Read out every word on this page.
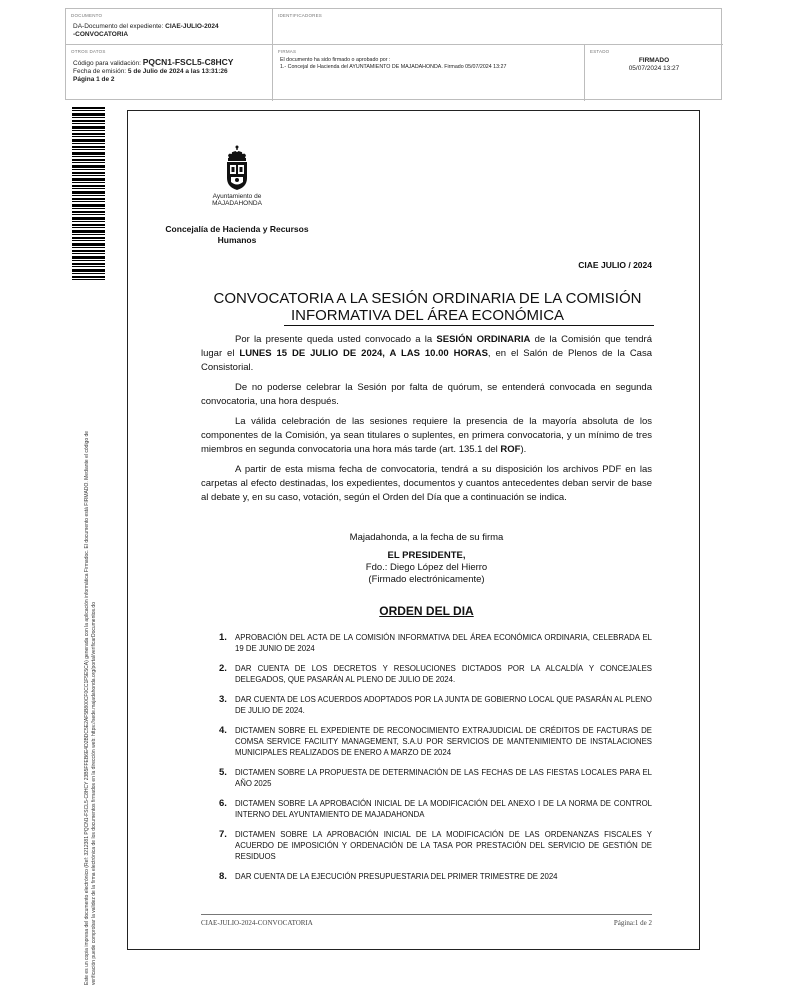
DOCUMENTO
DA-Documento del expediente: CIAE-JULIO-2024
-CONVOCATORIA
IDENTIFICADORES
OTROS DATOS
Código para validación: PQCN1-FSCL5-C8HCY
Fecha de emisión: 5 de Julio de 2024 a las 13:31:26
Página 1 de 2
FIRMAS
El documento ha sido firmado o aprobado por :
1.- Concejal de Hacienda del AYUNTAMIENTO DE MAJADAHONDA. Firmado 05/07/2024 13:27
ESTADO
FIRMADO
05/07/2024 13:27
Este es un copia impresa del documento electrónico (Ref: 3212381 PQCN1-FSCL5-C8HCY 23B5FFEB6E4D2BDC5E2AF5B800CF0CC1F5E5CA) generada con la aplicación informática Firmadoc. El documento está FIRMADO. Mediante el código de verificación puede comprobar la validez de la firma electrónica de los documentos firmados en la dirección web: https://sede.majadahonda.org/portal/verificarDocumentos.do
Ayuntamiento de
MAJADAHONDA
Concejalía de Hacienda y Recursos Humanos
CIAE JULIO / 2024
CONVOCATORIA A LA SESIÓN ORDINARIA DE LA COMISIÓN INFORMATIVA DEL ÁREA ECONÓMICA

Por la presente queda usted convocado a la SESIÓN ORDINARIA de la Comisión que tendrá lugar el LUNES 15 DE JULIO DE 2024, A LAS 10.00 HORAS, en el Salón de Plenos de la Casa Consistorial.

De no poderse celebrar la Sesión por falta de quórum, se entenderá convocada en segunda convocatoria, una hora después.

La válida celebración de las sesiones requiere la presencia de la mayoría absoluta de los componentes de la Comisión, ya sean titulares o suplentes, en primera convocatoria, y un mínimo de tres miembros en segunda convocatoria una hora más tarde (art. 135.1 del ROF).

A partir de esta misma fecha de convocatoria, tendrá a su disposición los archivos PDF en las carpetas al efecto destinadas, los expedientes, documentos y cuantos antecedentes deban servir de base al debate y, en su caso, votación, según el Orden del Día que a continuación se indica.

Majadahonda, a la fecha de su firma
EL PRESIDENTE,
Fdo.: Diego López del Hierro
(Firmado electrónicamente)
ORDEN DEL DIA
1. APROBACIÓN DEL ACTA DE LA COMISIÓN INFORMATIVA DEL ÁREA ECONÓMICA ORDINARIA, CELEBRADA EL 19 DE JUNIO DE 2024
2. DAR CUENTA DE LOS DECRETOS Y RESOLUCIONES DICTADOS POR LA ALCALDÍA Y CONCEJALES DELEGADOS, QUE PASARÁN AL PLENO DE JULIO DE 2024.
3. DAR CUENTA DE LOS ACUERDOS ADOPTADOS POR LA JUNTA DE GOBIERNO LOCAL QUE PASARÁN AL PLENO DE JULIO DE 2024.
4. DICTAMEN SOBRE EL EXPEDIENTE DE RECONOCIMIENTO EXTRAJUDICIAL DE CRÉDITOS DE FACTURAS DE COMSA SERVICE FACILITY MANAGEMENT, S.A.U POR SERVICIOS DE MANTENIMIENTO DE INSTALACIONES MUNICIPALES REALIZADOS DE ENERO A MARZO DE 2024
5. DICTAMEN SOBRE LA PROPUESTA DE DETERMINACIÓN DE LAS FECHAS DE LAS FIESTAS LOCALES PARA EL AÑO 2025
6. DICTAMEN SOBRE LA APROBACIÓN INICIAL DE LA MODIFICACIÓN DEL ANEXO I DE LA NORMA DE CONTROL INTERNO DEL AYUNTAMIENTO DE MAJADAHONDA
7. DICTAMEN SOBRE LA APROBACIÓN INICIAL DE LA MODIFICACIÓN DE LAS ORDENANZAS FISCALES Y ACUERDO DE IMPOSICIÓN Y ORDENACIÓN DE LA TASA POR PRESTACIÓN DEL SERVICIO DE GESTIÓN DE RESIDUOS
8. DAR CUENTA DE LA EJECUCIÓN PRESUPUESTARIA DEL PRIMER TRIMESTRE DE 2024
CIAE-JULIO-2024-CONVOCATORIA	Página:1 de 2
